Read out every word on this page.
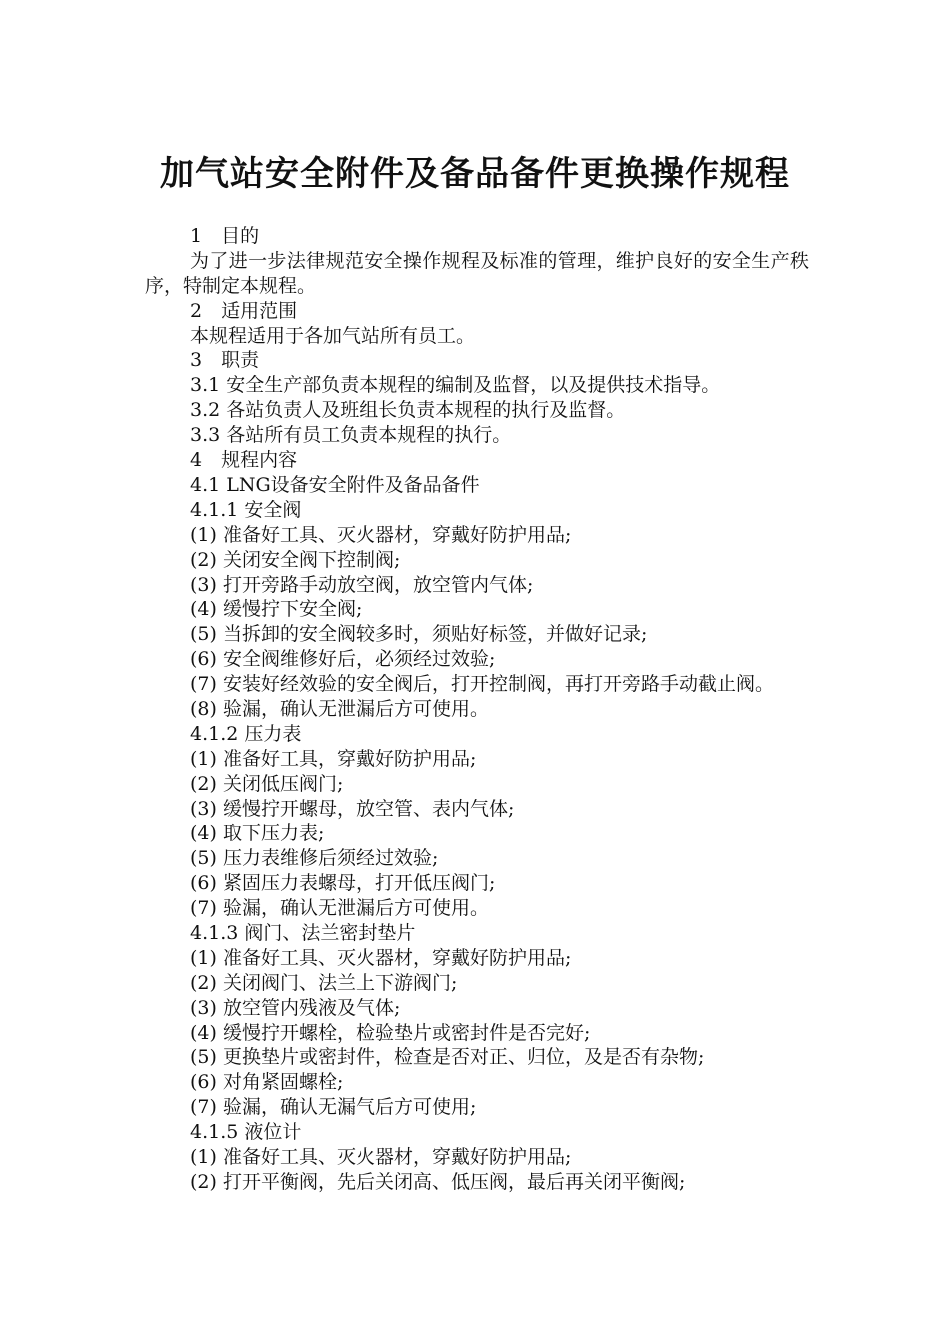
加气站安全附件及备品备件更换操作规程
1　目的
为了进一步法律规范安全操作规程及标准的管理，维护良好的安全生产秩序，特制定本规程。
2　适用范围
本规程适用于各加气站所有员工。
3　职责
3.1 安全生产部负责本规程的编制及监督，以及提供技术指导。
3.2 各站负责人及班组长负责本规程的执行及监督。
3.3 各站所有员工负责本规程的执行。
4　规程内容
4.1 LNG设备安全附件及备品备件
4.1.1 安全阀
(1) 准备好工具、灭火器材，穿戴好防护用品;
(2) 关闭安全阀下控制阀;
(3) 打开旁路手动放空阀，放空管内气体;
(4) 缓慢拧下安全阀;
(5) 当拆卸的安全阀较多时，须贴好标签，并做好记录;
(6) 安全阀维修好后，必须经过效验;
(7) 安装好经效验的安全阀后，打开控制阀，再打开旁路手动截止阀。
(8) 验漏，确认无泄漏后方可使用。
4.1.2 压力表
(1) 准备好工具，穿戴好防护用品;
(2) 关闭低压阀门;
(3) 缓慢拧开螺母，放空管、表内气体;
(4) 取下压力表;
(5) 压力表维修后须经过效验;
(6) 紧固压力表螺母，打开低压阀门;
(7) 验漏，确认无泄漏后方可使用。
4.1.3 阀门、法兰密封垫片
(1) 准备好工具、灭火器材，穿戴好防护用品;
(2) 关闭阀门、法兰上下游阀门;
(3) 放空管内残液及气体;
(4) 缓慢拧开螺栓，检验垫片或密封件是否完好;
(5) 更换垫片或密封件，检查是否对正、归位，及是否有杂物;
(6) 对角紧固螺栓;
(7) 验漏，确认无漏气后方可使用;
4.1.5 液位计
(1) 准备好工具、灭火器材，穿戴好防护用品;
(2) 打开平衡阀，先后关闭高、低压阀，最后再关闭平衡阀;
